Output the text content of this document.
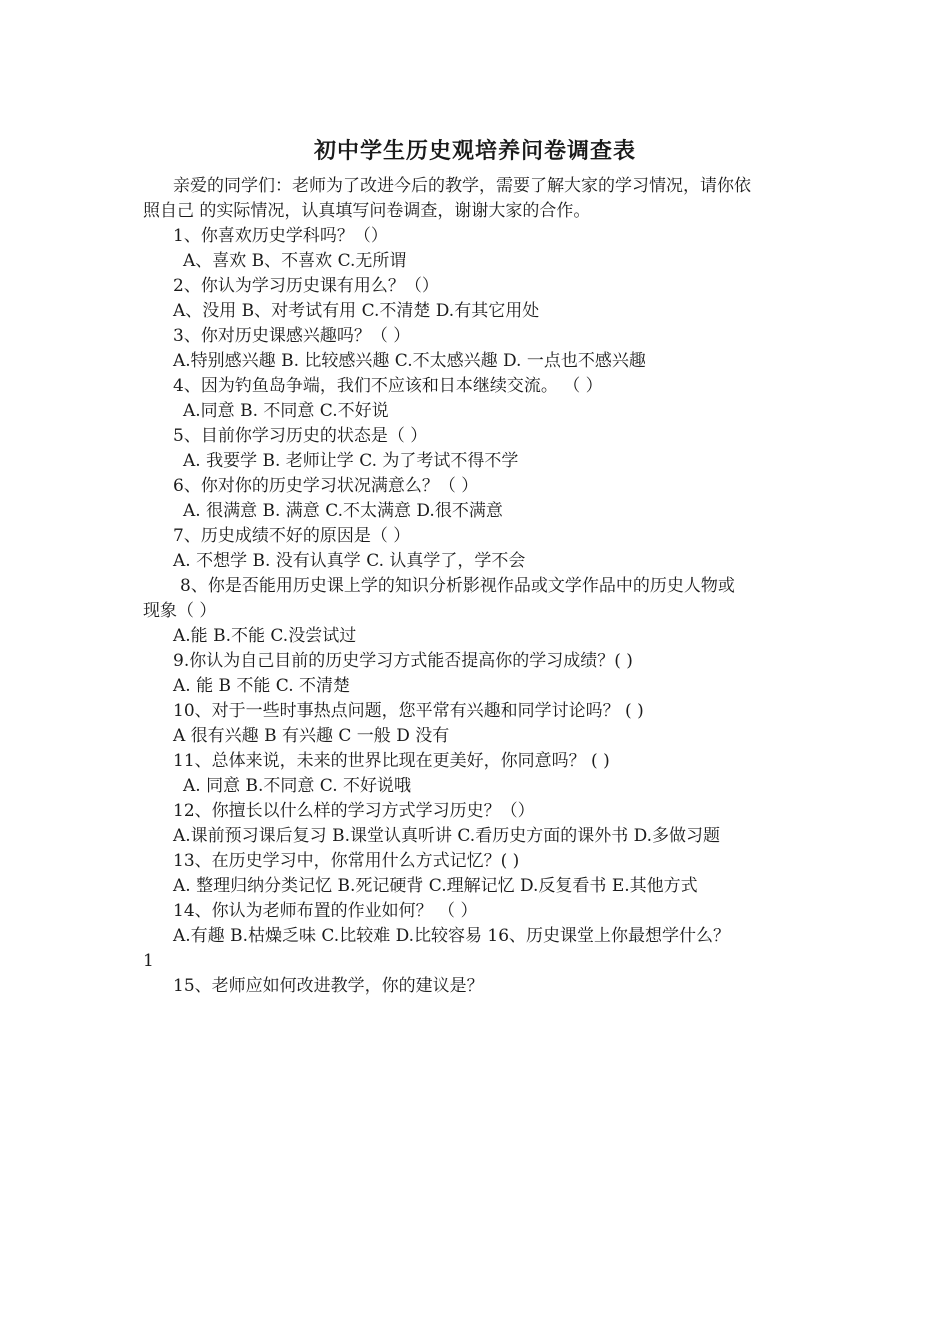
初中学生历史观培养问卷调查表
亲爱的同学们：老师为了改进今后的教学，需要了解大家的学习情况，请你依
照自己 的实际情况，认真填写问卷调查，谢谢大家的合作。
1、你喜欢历史学科吗？（）
A、喜欢 B、不喜欢 C.无所谓
2、你认为学习历史课有用么？（）
A、没用 B、对考试有用 C.不清楚 D.有其它用处
3、你对历史课感兴趣吗？（ ）
A.特别感兴趣 B. 比较感兴趣 C.不太感兴趣 D. 一点也不感兴趣
4、因为钓鱼岛争端，我们不应该和日本继续交流。 （ ）
A.同意 B. 不同意 C.不好说
5、目前你学习历史的状态是（ ）
A. 我要学 B. 老师让学 C. 为了考试不得不学
6、你对你的历史学习状况满意么？（ ）
A. 很满意 B. 满意 C.不太满意 D.很不满意
7、历史成绩不好的原因是（ ）
A. 不想学 B. 没有认真学 C. 认真学了，学不会
8、你是否能用历史课上学的知识分析影视作品或文学作品中的历史人物或
现象（ ）
A.能 B.不能 C.没尝试过
9.你认为自己目前的历史学习方式能否提高你的学习成绩？( )
A. 能 B 不能 C. 不清楚
10、对于一些时事热点问题，您平常有兴趣和同学讨论吗？ ( )
A 很有兴趣 B 有兴趣 C 一般 D 没有
11、总体来说，未来的世界比现在更美好，你同意吗？ ( )
A. 同意 B.不同意 C. 不好说哦
12、你擅长以什么样的学习方式学习历史？（）
A.课前预习课后复习 B.课堂认真听讲 C.看历史方面的课外书 D.多做习题
13、在历史学习中，你常用什么方式记忆？( )
A. 整理归纳分类记忆 B.死记硬背 C.理解记忆 D.反复看书 E.其他方式
14、你认为老师布置的作业如何？ （ ）
A.有趣 B.枯燥乏味 C.比较难 D.比较容易 16、历史课堂上你最想学什么？
1
15、老师应如何改进教学，你的建议是？
